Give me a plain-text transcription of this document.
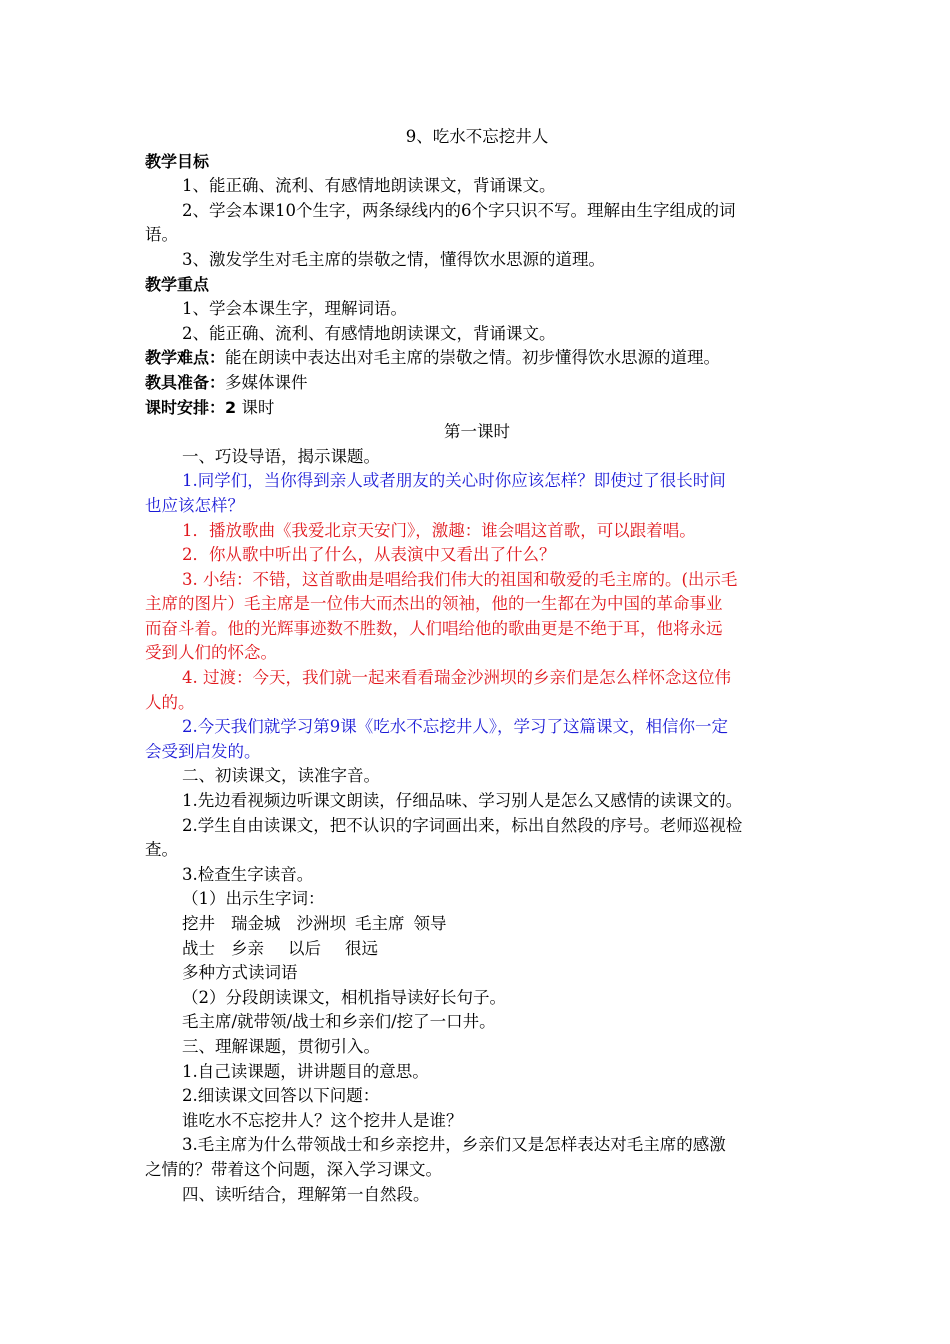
9、吃水不忘挖井人
教学目标
1、能正确、流利、有感情地朗读课文，背诵课文。
2、学会本课10个生字，两条绿线内的6个字只识不写。理解由生字组成的词
语。
3、激发学生对毛主席的崇敬之情，懂得饮水思源的道理。
教学重点
1、学会本课生字，理解词语。
2、能正确、流利、有感情地朗读课文，背诵课文。
教学难点：能在朗读中表达出对毛主席的崇敬之情。初步懂得饮水思源的道理。
教具准备：多媒体课件
课时安排：2 课时
第一课时
一、巧设导语，揭示课题。
1.同学们，当你得到亲人或者朋友的关心时你应该怎样？即使过了很长时间
也应该怎样？
1．播放歌曲《我爱北京天安门》，激趣：谁会唱这首歌，可以跟着唱。
2．你从歌中听出了什么，从表演中又看出了什么？
3. 小结：不错，这首歌曲是唱给我们伟大的祖国和敬爱的毛主席的。(出示毛
主席的图片）毛主席是一位伟大而杰出的领袖，他的一生都在为中国的革命事业
而奋斗着。他的光辉事迹数不胜数，人们唱给他的歌曲更是不绝于耳，他将永远
受到人们的怀念。
4. 过渡：今天，我们就一起来看看瑞金沙洲坝的乡亲们是怎么样怀念这位伟
人的。
2.今天我们就学习第9课《吃水不忘挖井人》，学习了这篇课文，相信你一定
会受到启发的。
二、初读课文，读准字音。
1.先边看视频边听课文朗读，仔细品味、学习别人是怎么又感情的读课文的。
2.学生自由读课文，把不认识的字词画出来，标出自然段的序号。老师巡视检
查。
3.检查生字读音。
（1）出示生字词：
挖井 瑞金城 沙洲坝 毛主席 领导
战士 乡亲 以后 很远
多种方式读词语
（2）分段朗读课文，相机指导读好长句子。
毛主席/就带领/战士和乡亲们/挖了一口井。
三、理解课题，贯彻引入。
1.自己读课题，讲讲题目的意思。
2.细读课文回答以下问题：
谁吃水不忘挖井人？这个挖井人是谁？
3.毛主席为什么带领战士和乡亲挖井，乡亲们又是怎样表达对毛主席的感激
之情的？带着这个问题，深入学习课文。
四、读听结合，理解第一自然段。
